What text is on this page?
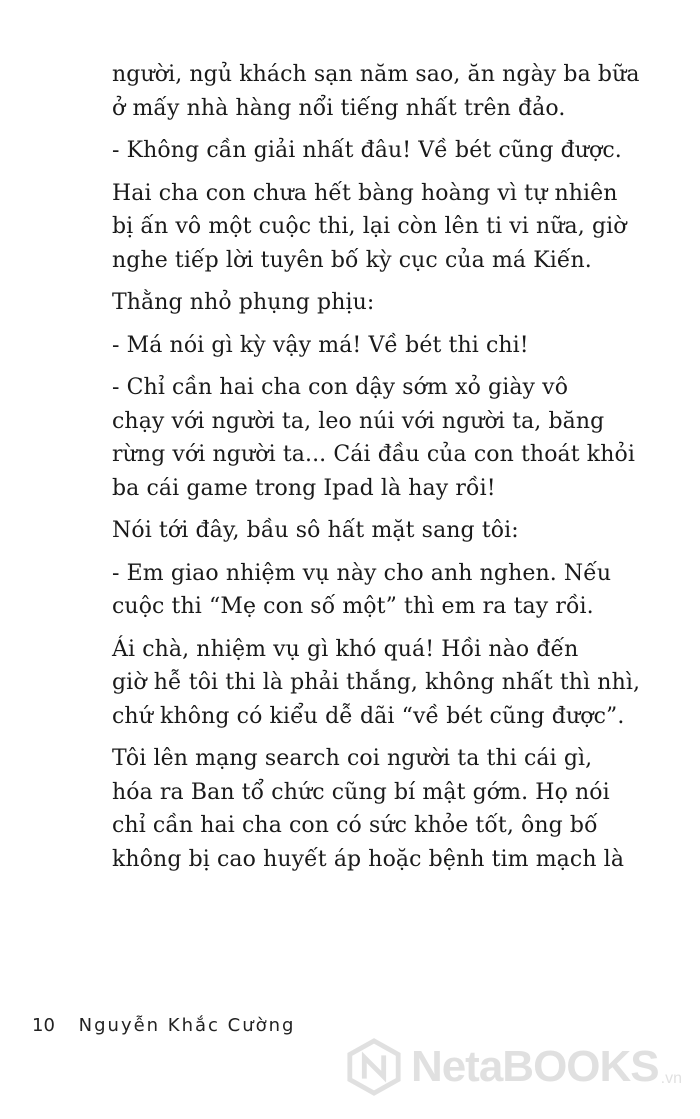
người, ngủ khách sạn năm sao, ăn ngày ba bữa
ở mấy nhà hàng nổi tiếng nhất trên đảo.
- Không cần giải nhất đâu! Về bét cũng được.
Hai cha con chưa hết bàng hoàng vì tự nhiên
bị ấn vô một cuộc thi, lại còn lên ti vi nữa, giờ
nghe tiếp lời tuyên bố kỳ cục của má Kiến.
Thằng nhỏ phụng phịu:
- Má nói gì kỳ vậy má! Về bét thi chi!
- Chỉ cần hai cha con dậy sớm xỏ giày vô
chạy với người ta, leo núi với người ta, băng
rừng với người ta... Cái đầu của con thoát khỏi
ba cái game trong Ipad là hay rồi!
Nói tới đây, bầu sô hất mặt sang tôi:
- Em giao nhiệm vụ này cho anh nghen. Nếu
cuộc thi “Mẹ con số một” thì em ra tay rồi.
Ái chà, nhiệm vụ gì khó quá! Hồi nào đến
giờ hễ tôi thi là phải thắng, không nhất thì nhì,
chứ không có kiểu dễ dãi “về bét cũng được”.
Tôi lên mạng search coi người ta thi cái gì,
hóa ra Ban tổ chức cũng bí mật gớm. Họ nói
chỉ cần hai cha con có sức khỏe tốt, ông bố
không bị cao huyết áp hoặc bệnh tim mạch là
10 Nguyễn Khắc Cường
NetaBOOKS .vn
